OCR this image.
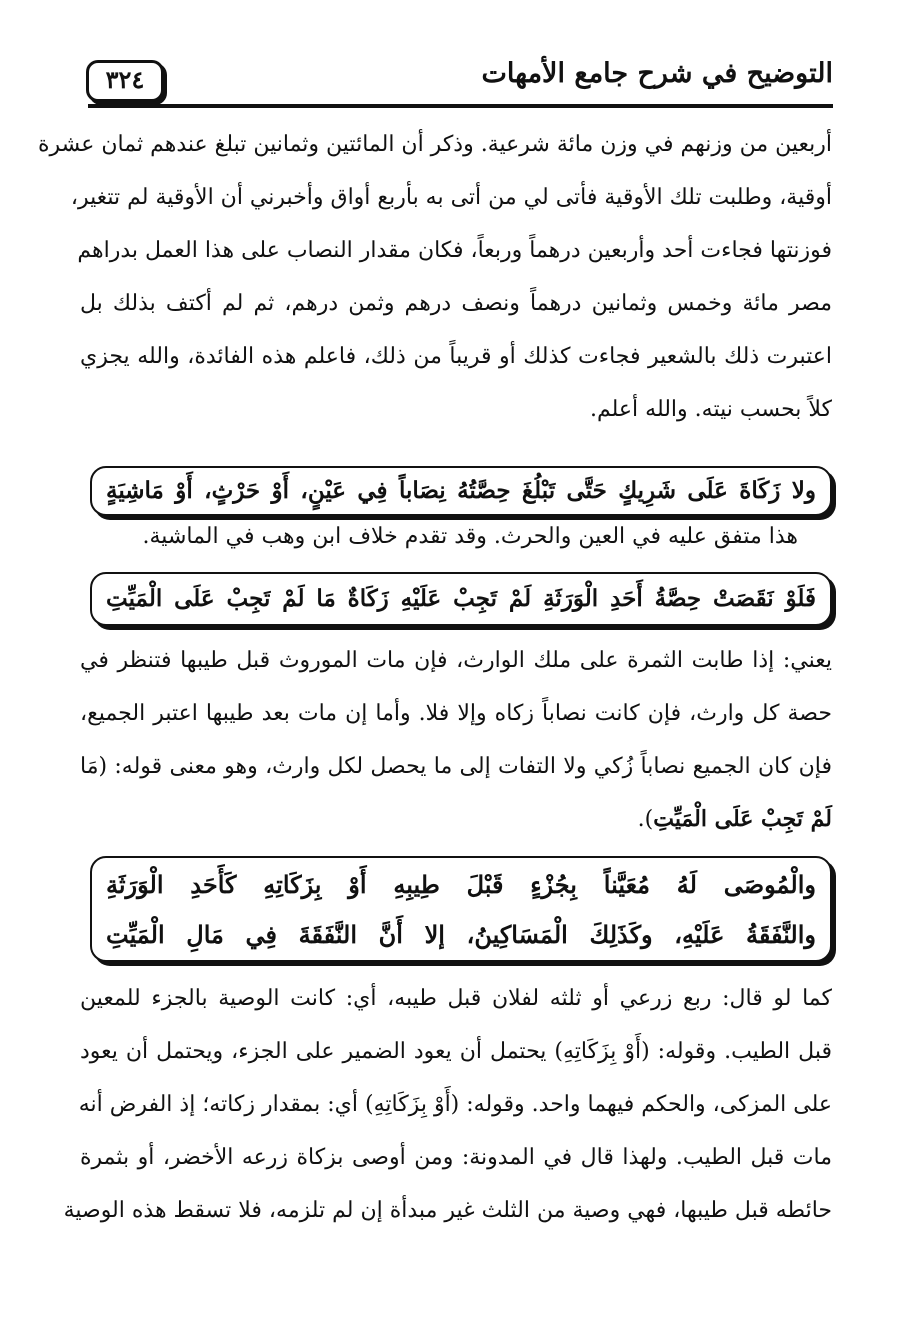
التوضيح في شرح جامع الأمهات
٣٢٤
أربعين من وزنهم في وزن مائة شرعية. وذكر أن المائتين وثمانين تبلغ عندهم ثمان عشرة
أوقية، وطلبت تلك الأوقية فأتى لي من أتى به بأربع أواق وأخبرني أن الأوقية لم تتغير،
فوزنتها فجاءت أحد وأربعين درهماً وربعاً، فكان مقدار النصاب على هذا العمل بدراهم
مصر مائة وخمس وثمانين درهماً ونصف درهم وثمن درهم، ثم لم أكتف بذلك بل
اعتبرت ذلك بالشعير فجاءت كذلك أو قريباً من ذلك، فاعلم هذه الفائدة، والله يجزي
كلاً بحسب نيته. والله أعلم.
ولا زَكَاةَ عَلَى شَرِيكٍ حَتَّى تَبْلُغَ حِصَّتُهُ نِصَاباً فِي عَيْنٍ، أَوْ حَرْثٍ، أَوْ مَاشِيَةٍ
هذا متفق عليه في العين والحرث. وقد تقدم خلاف ابن وهب في الماشية.
فَلَوْ نَقَصَتْ حِصَّةُ أَحَدِ الْوَرَثَةِ لَمْ تَجِبْ عَلَيْهِ زَكَاةٌ مَا لَمْ تَجِبْ عَلَى الْمَيِّتِ
يعني: إذا طابت الثمرة على ملك الوارث، فإن مات الموروث قبل طيبها فتنظر في
حصة كل وارث، فإن كانت نصاباً زكاه وإلا فلا. وأما إن مات بعد طيبها اعتبر الجميع،
فإن كان الجميع نصاباً زُكي ولا التفات إلى ما يحصل لكل وارث، وهو معنى قوله: (مَا
لَمْ تَجِبْ عَلَى الْمَيِّتِ).
والْمُوصَى لَهُ مُعَيَّناً بِجُزْءٍ قَبْلَ طِيبِهِ أَوْ بِزَكَاتِهِ كَأَحَدِ الْوَرَثَةِ
والنَّفَقَةُ عَلَيْهِ، وكَذَلِكَ الْمَسَاكِينُ، إلا أَنَّ النَّفَقَةَ فِي مَالِ الْمَيِّتِ
كما لو قال: ربع زرعي أو ثلثه لفلان قبل طيبه، أي: كانت الوصية بالجزء للمعين
قبل الطيب. وقوله: (أَوْ بِزَكَاتِهِ) يحتمل أن يعود الضمير على الجزء، ويحتمل أن يعود
على المزكى، والحكم فيهما واحد. وقوله: (أَوْ بِزَكَاتِهِ) أي: بمقدار زكاته؛ إذ الفرض أنه
مات قبل الطيب. ولهذا قال في المدونة: ومن أوصى بزكاة زرعه الأخضر، أو بثمرة
حائطه قبل طيبها، فهي وصية من الثلث غير مبدأة إن لم تلزمه، فلا تسقط هذه الوصية
